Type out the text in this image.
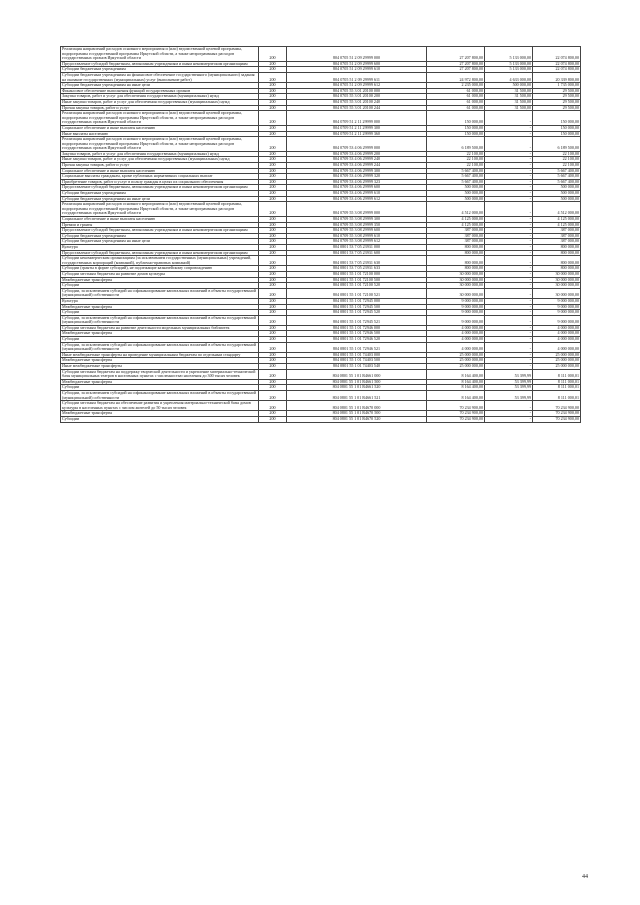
Реализация направлений расходов основного мероприятия и (или) ведомственной целевой программы, подпрограммы государственной программы Иркутской области, а также непрограммных расходов государственных органов Иркутской области	200	804 0705 51 2 09 29999 000	27 207 800,00	5 133 000,00	22 074 800,00
Предоставление субсидий бюджетным, автономным учреждениям и иным некоммерческим организациям	200	804 0705 51 2 09 29999 600	27 207 800,00	5 133 000,00	22 074 800,00
Субсидии бюджетным учреждениям	200	804 0705 51 2 09 29999 610	27 207 800,00	5 133 000,00	22 074 800,00
Субсидии бюджетным учреждениям на финансовое обеспечение государственного (муниципального) задания на оказание государственных (муниципальных) услуг (выполнение работ)	200	804 0705 51 2 09 29999 611	24 972 800,00	4 633 000,00	20 339 800,00
Субсидии бюджетным учреждениям на иные цели	200	804 0705 51 2 09 29999 612	2 235 000,00	500 000,00	1 735 000,00
Финансовое обеспечение выполнения функций государственных органов	200	804 0705 55 3 01 20100 000	61 000,00	31 500,00	29 500,00
Закупка товаров, работ и услуг для обеспечения государственных (муниципальных) нужд	200	804 0705 55 3 01 20100 200	61 000,00	31 500,00	29 500,00
Иные закупки товаров, работ и услуг для обеспечения государственных (муниципальных) нужд	200	804 0705 55 3 01 20100 240	61 000,00	31 500,00	29 500,00
Прочая закупка товаров, работ и услуг	200	804 0705 55 3 01 20100 244	61 000,00	31 500,00	29 500,00
Реализация направлений расходов основного мероприятия и (или) ведомственной целевой программы, подпрограммы государственной программы Иркутской области, а также непрограммных расходов государственных органов Иркутской области	200	804 0709 51 2 11 29999 000	150 000,00	-	150 000,00
Социальное обеспечение и иные выплаты населению	200	804 0709 51 2 11 29999 300	150 000,00	-	150 000,00
Иные выплаты населению	200	804 0709 51 2 11 29999 360	150 000,00	-	150 000,00
Реализация направлений расходов основного мероприятия и (или) ведомственной целевой программы, подпрограммы государственной программы Иркутской области, а также непрограммных расходов государственных органов Иркутской области	200	804 0709 53 4 06 29999 000	6 189 500,00	-	6 189 500,00
Закупка товаров, работ и услуг для обеспечения государственных (муниципальных) нужд	200	804 0709 53 4 06 29999 200	22 100,00	-	22 100,00
Иные закупки товаров, работ и услуг для обеспечения государственных (муниципальных) нужд	200	804 0709 53 4 06 29999 240	22 100,00	-	22 100,00
Прочая закупка товаров, работ и услуг	200	804 0709 53 4 06 29999 244	22 100,00	-	22 100,00
Социальное обеспечение и иные выплаты населению	200	804 0709 53 4 06 29999 300	5 667 400,00	-	5 667 400,00
Социальные выплаты гражданам, кроме публичных нормативных социальных выплат	200	804 0709 53 4 06 29999 320	5 667 400,00	-	5 667 400,00
Приобретение товаров, работ и услуг в пользу граждан в целях их социального обеспечения	200	804 0709 53 4 06 29999 323	5 667 400,00	-	5 667 400,00
Предоставление субсидий бюджетным, автономным учреждениям и иным некоммерческим организациям	200	804 0709 53 4 06 29999 600	500 000,00	-	500 000,00
Субсидии бюджетным учреждениям	200	804 0709 53 4 06 29999 610	500 000,00	-	500 000,00
Субсидии бюджетным учреждениям на иные цели	200	804 0709 53 4 06 29999 612	500 000,00	-	500 000,00
Реализация направлений расходов основного мероприятия и (или) ведомственной целевой программы, подпрограммы государственной программы Иркутской области, а также непрограммных расходов государственных органов Иркутской области	200	804 0709 55 3 08 29999 000	4 512 000,00	-	4 512 000,00
Социальное обеспечение и иные выплаты населению	200	804 0709 55 3 08 29999 300	4 125 000,00	-	4 125 000,00
Премии и гранты	200	804 0709 55 3 08 29999 350	4 125 000,00	-	4 125 000,00
Предоставление субсидий бюджетным, автономным учреждениям и иным некоммерческим организациям	200	804 0709 55 3 08 29999 600	387 000,00	-	387 000,00
Субсидии бюджетным учреждениям	200	804 0709 55 3 08 29999 610	387 000,00	-	387 000,00
Субсидии бюджетным учреждениям на иные цели	200	804 0709 55 3 08 29999 612	387 000,00	-	387 000,00
Культура	200	804 0801 53 7 05 23931 000	800 000,00	-	800 000,00
Предоставление субсидий бюджетным, автономным учреждениям и иным некоммерческим организациям	200	804 0801 53 7 05 23931 600	800 000,00	-	800 000,00
Субсидии некоммерческим организациям (за исключением государственных (муниципальных) учреждений, государственных корпораций (компаний), публично-правовых компаний)	200	804 0801 53 7 05 23931 630	800 000,00	-	800 000,00
Субсидии (гранты в форме субсидий), не подлежащие казначейскому сопровождению	200	804 0801 53 7 05 23931 633	800 000,00	-	800 000,00
Субсидии местным бюджетам на развитие домов культуры	200	804 0801 55 1 01 72100 000	30 000 000,00	-	30 000 000,00
Межбюджетные трансферты	200	804 0801 55 1 01 72100 500	30 000 000,00	-	30 000 000,00
Субсидии	200	804 0801 55 1 01 72100 520	30 000 000,00	-	30 000 000,00
Субсидии, за исключением субсидий на софинансирование капитальных вложений в объекты государственной (муниципальной) собственности	200	804 0801 55 1 01 72100 521	30 000 000,00	-	30 000 000,00
Культура	200	804 0801 55 1 01 72945 000	9 000 000,00	-	9 000 000,00
Межбюджетные трансферты	200	804 0801 55 1 01 72945 500	9 000 000,00	-	9 000 000,00
Субсидии	200	804 0801 55 1 01 72945 520	9 000 000,00	-	9 000 000,00
Субсидии, за исключением субсидий на софинансирование капитальных вложений в объекты государственной (муниципальной) собственности	200	804 0801 55 1 01 72945 521	9 000 000,00	-	9 000 000,00
Субсидии местным бюджетам на развитие деятельности модельных муниципальных библиотек	200	804 0801 55 1 01 72946 000	4 000 000,00	-	4 000 000,00
Межбюджетные трансферты	200	804 0801 55 1 01 72946 500	4 000 000,00	-	4 000 000,00
Субсидии	200	804 0801 55 1 01 72946 520	4 000 000,00	-	4 000 000,00
Субсидии, за исключением субсидий на софинансирование капитальных вложений в объекты государственной (муниципальной) собственности	200	804 0801 55 1 01 72946 521	4 000 000,00	-	4 000 000,00
Иные межбюджетные трансферты на проведение муниципальным бюджетам по отдельным стандарту	200	804 0801 55 1 01 74403 000	25 000 000,00	-	25 000 000,00
Межбюджетные трансферты	200	804 0801 55 1 01 74403 500	25 000 000,00	-	25 000 000,00
Иные межбюджетные трансферты	200	804 0801 55 1 01 74403 540	25 000 000,00	-	25 000 000,00
Субсидии местным бюджетам на поддержку творческой деятельности и укрепление материально-технической базы муниципальных театров в населенных пунктах с численностью населения до 300 тысяч человек	200	804 0801 55 1 01 R4661 000	8 164 400,00	53 399,99	8 111 000,01
Межбюджетные трансферты	200	804 0801 55 1 01 R4661 500	8 164 400,00	53 399,99	8 111 000,01
Субсидии	200	804 0801 55 1 01 R4661 520	8 164 400,00	53 399,99	8 111 000,01
Субсидии, за исключением субсидий на софинансирование капитальных вложений в объекты государственной (муниципальной) собственности	200	804 0801 55 1 01 R4661 521	8 164 400,00	53 399,99	8 111 000,01
Субсидии местным бюджетам на обеспечение развития и укрепления материально-технической базы домов культуры в населенных пунктах с числом жителей до 50 тысяч человек	200	804 0801 55 1 01 R4670 000	70 234 900,00	-	70 234 900,00
Межбюджетные трансферты	200	804 0801 55 1 01 R4670 500	70 234 900,00	-	70 234 900,00
Субсидии	200	804 0801 55 1 01 R4670 520	70 234 900,00	-	70 234 900,00
44
